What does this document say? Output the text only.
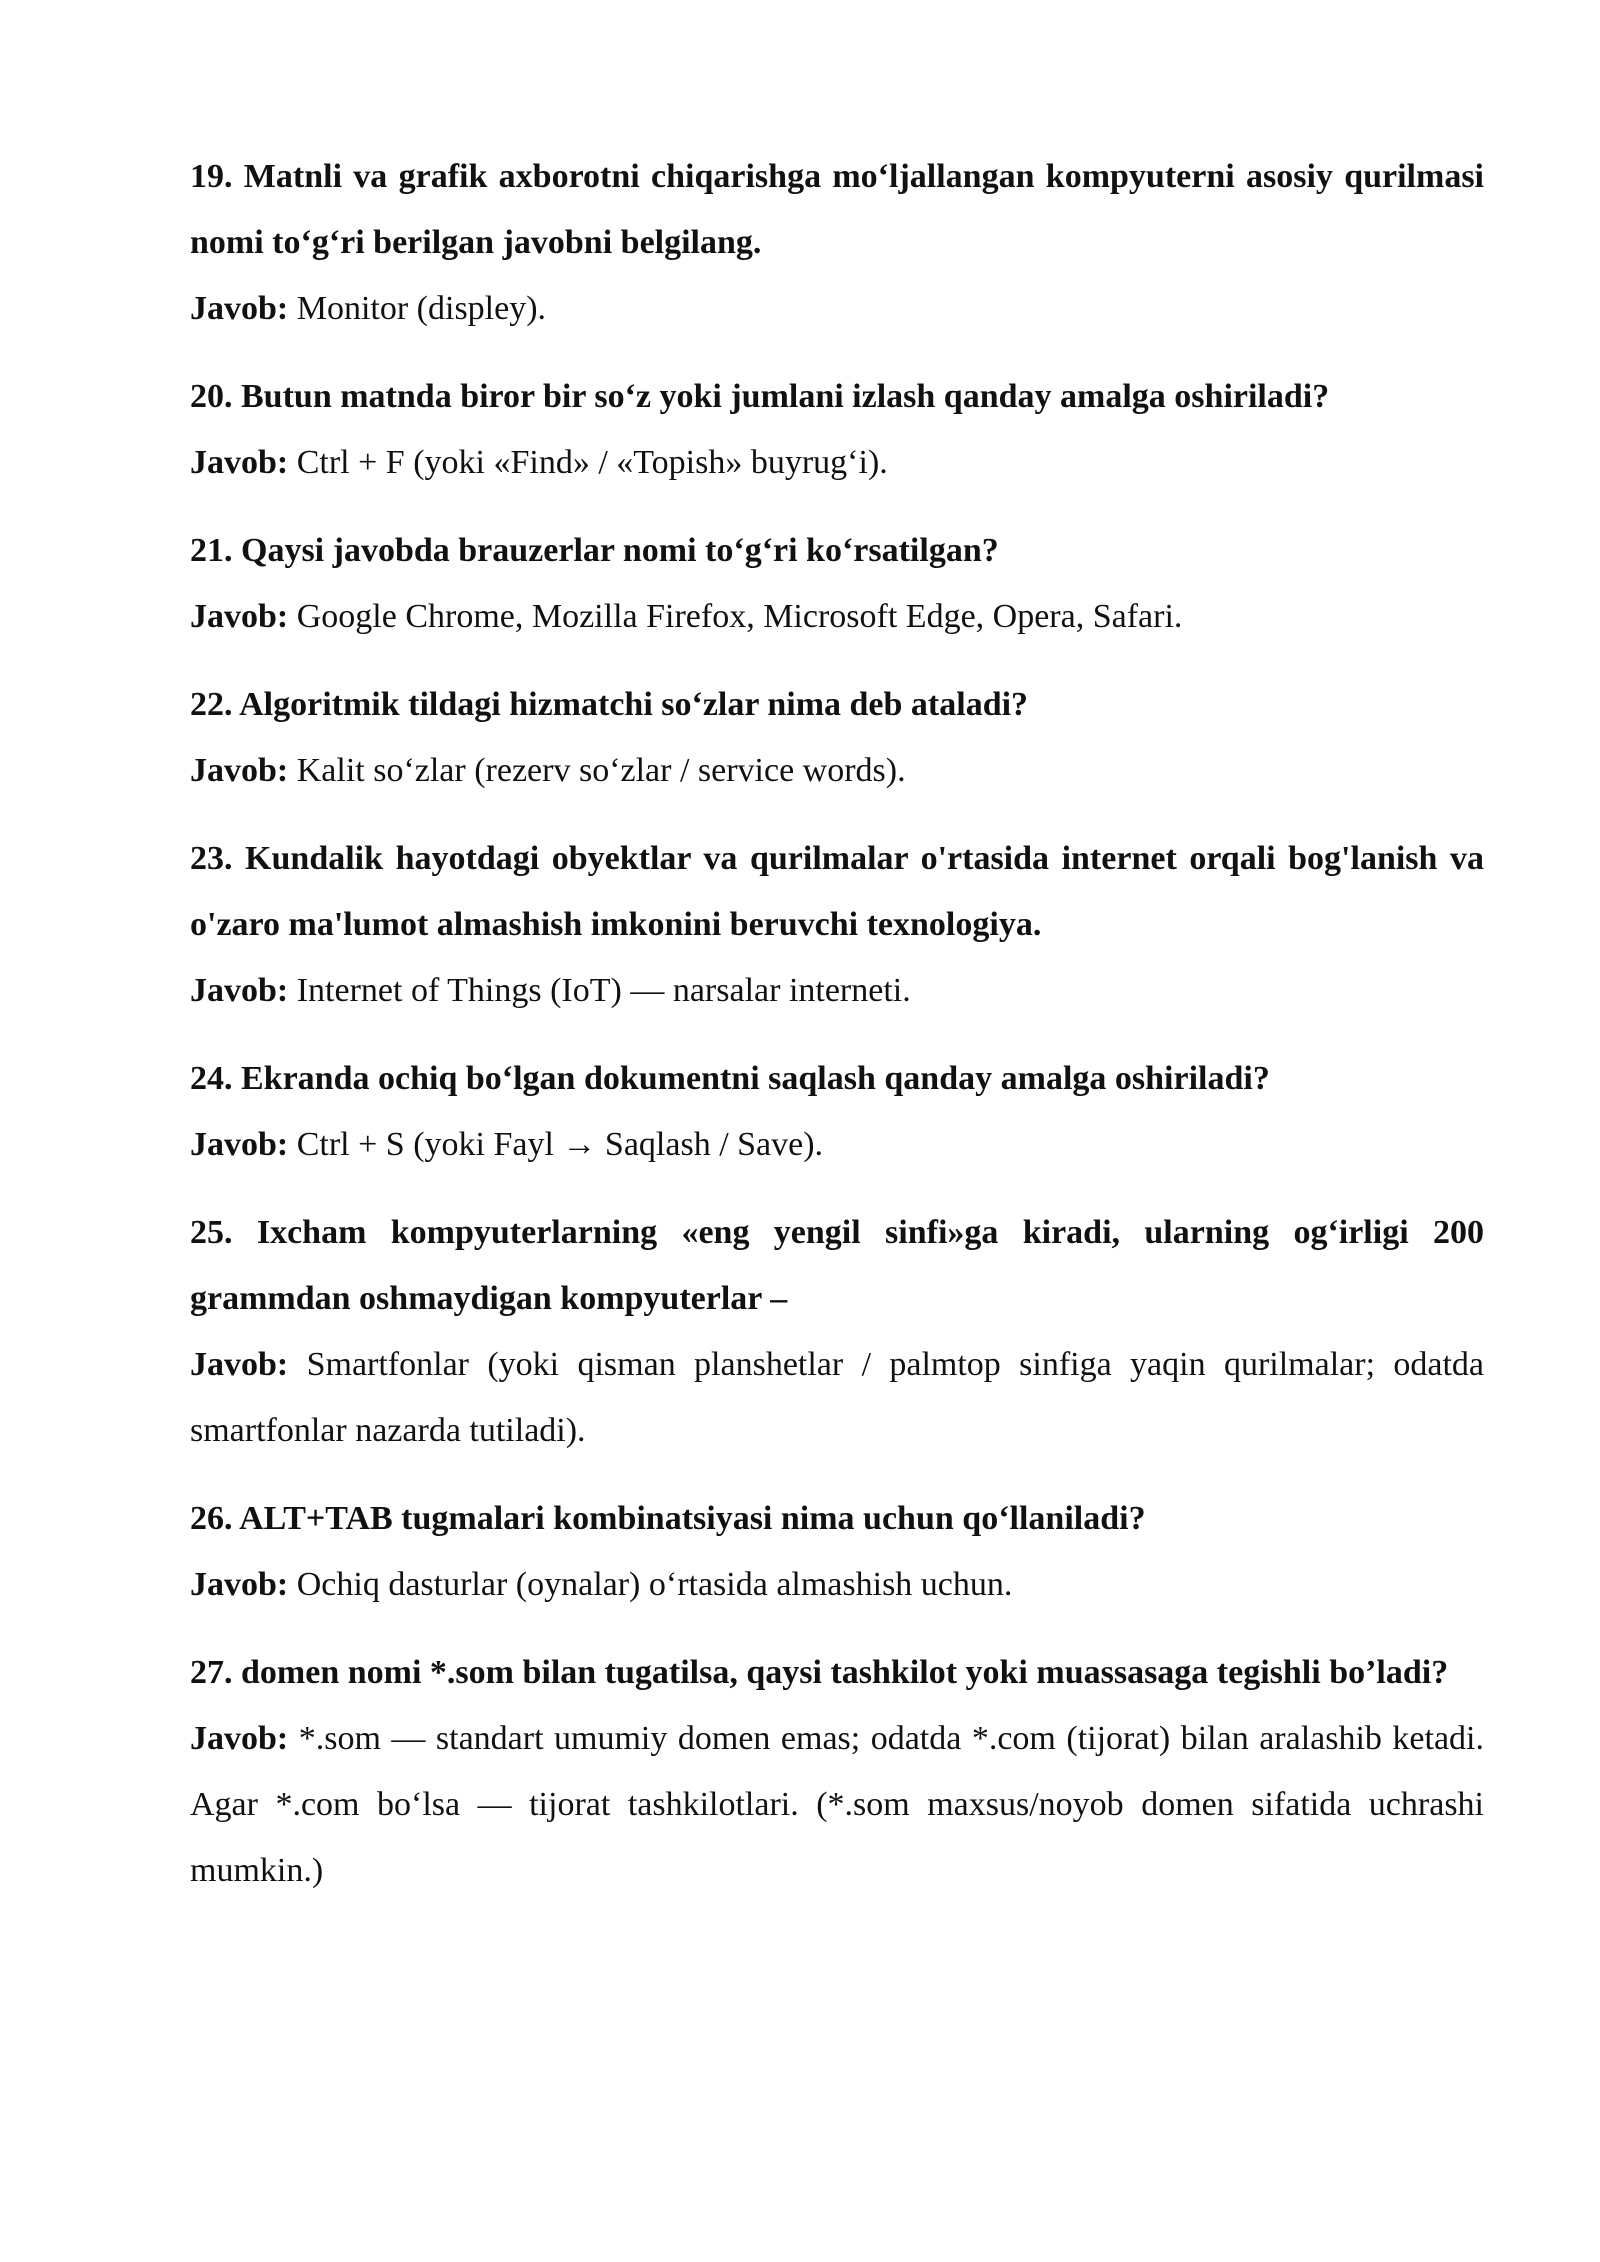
19. Matnli va grafik axborotni chiqarishga mo‘ljallangan kompyuterni asosiy qurilmasi nomi to‘g‘ri berilgan javobni belgilang.

Javob: Monitor (displey).

20. Butun matnda biror bir so‘z yoki jumlani izlash qanday amalga oshiriladi?

Javob: Ctrl + F (yoki «Find» / «Topish» buyrug‘i).

21. Qaysi javobda brauzerlar nomi to‘g‘ri ko‘rsatilgan?

Javob: Google Chrome, Mozilla Firefox, Microsoft Edge, Opera, Safari.

22. Algoritmik tildagi hizmatchi so‘zlar nima deb ataladi?

Javob: Kalit so‘zlar (rezerv so‘zlar / service words).

23. Kundalik hayotdagi obyektlar va qurilmalar o'rtasida internet orqali bog'lanish va o'zaro ma'lumot almashish imkonini beruvchi texnologiya.

Javob: Internet of Things (IoT) — narsalar interneti.

24. Ekranda ochiq bo‘lgan dokumentni saqlash qanday amalga oshiriladi?

Javob: Ctrl + S (yoki Fayl → Saqlash / Save).

25. Ixcham kompyuterlarning «eng yengil sinfi»ga kiradi, ularning og‘irligi 200 grammdan oshmaydigan kompyuterlar –

Javob: Smartfonlar (yoki qisman planshetlar / palmtop sinfiga yaqin qurilmalar; odatda smartfonlar nazarda tutiladi).

26. ALT+TAB tugmalari kombinatsiyasi nima uchun qo‘llaniladi?

Javob: Ochiq dasturlar (oynalar) o‘rtasida almashish uchun.

27. domen nomi *.som bilan tugatilsa, qaysi tashkilot yoki muassasaga tegishli bo’ladi?

Javob: *.som — standart umumiy domen emas; odatda *.com (tijorat) bilan aralashib ketadi. Agar *.com bo‘lsa — tijorat tashkilotlari. (*.som maxsus/noyob domen sifatida uchrashi mumkin.)
